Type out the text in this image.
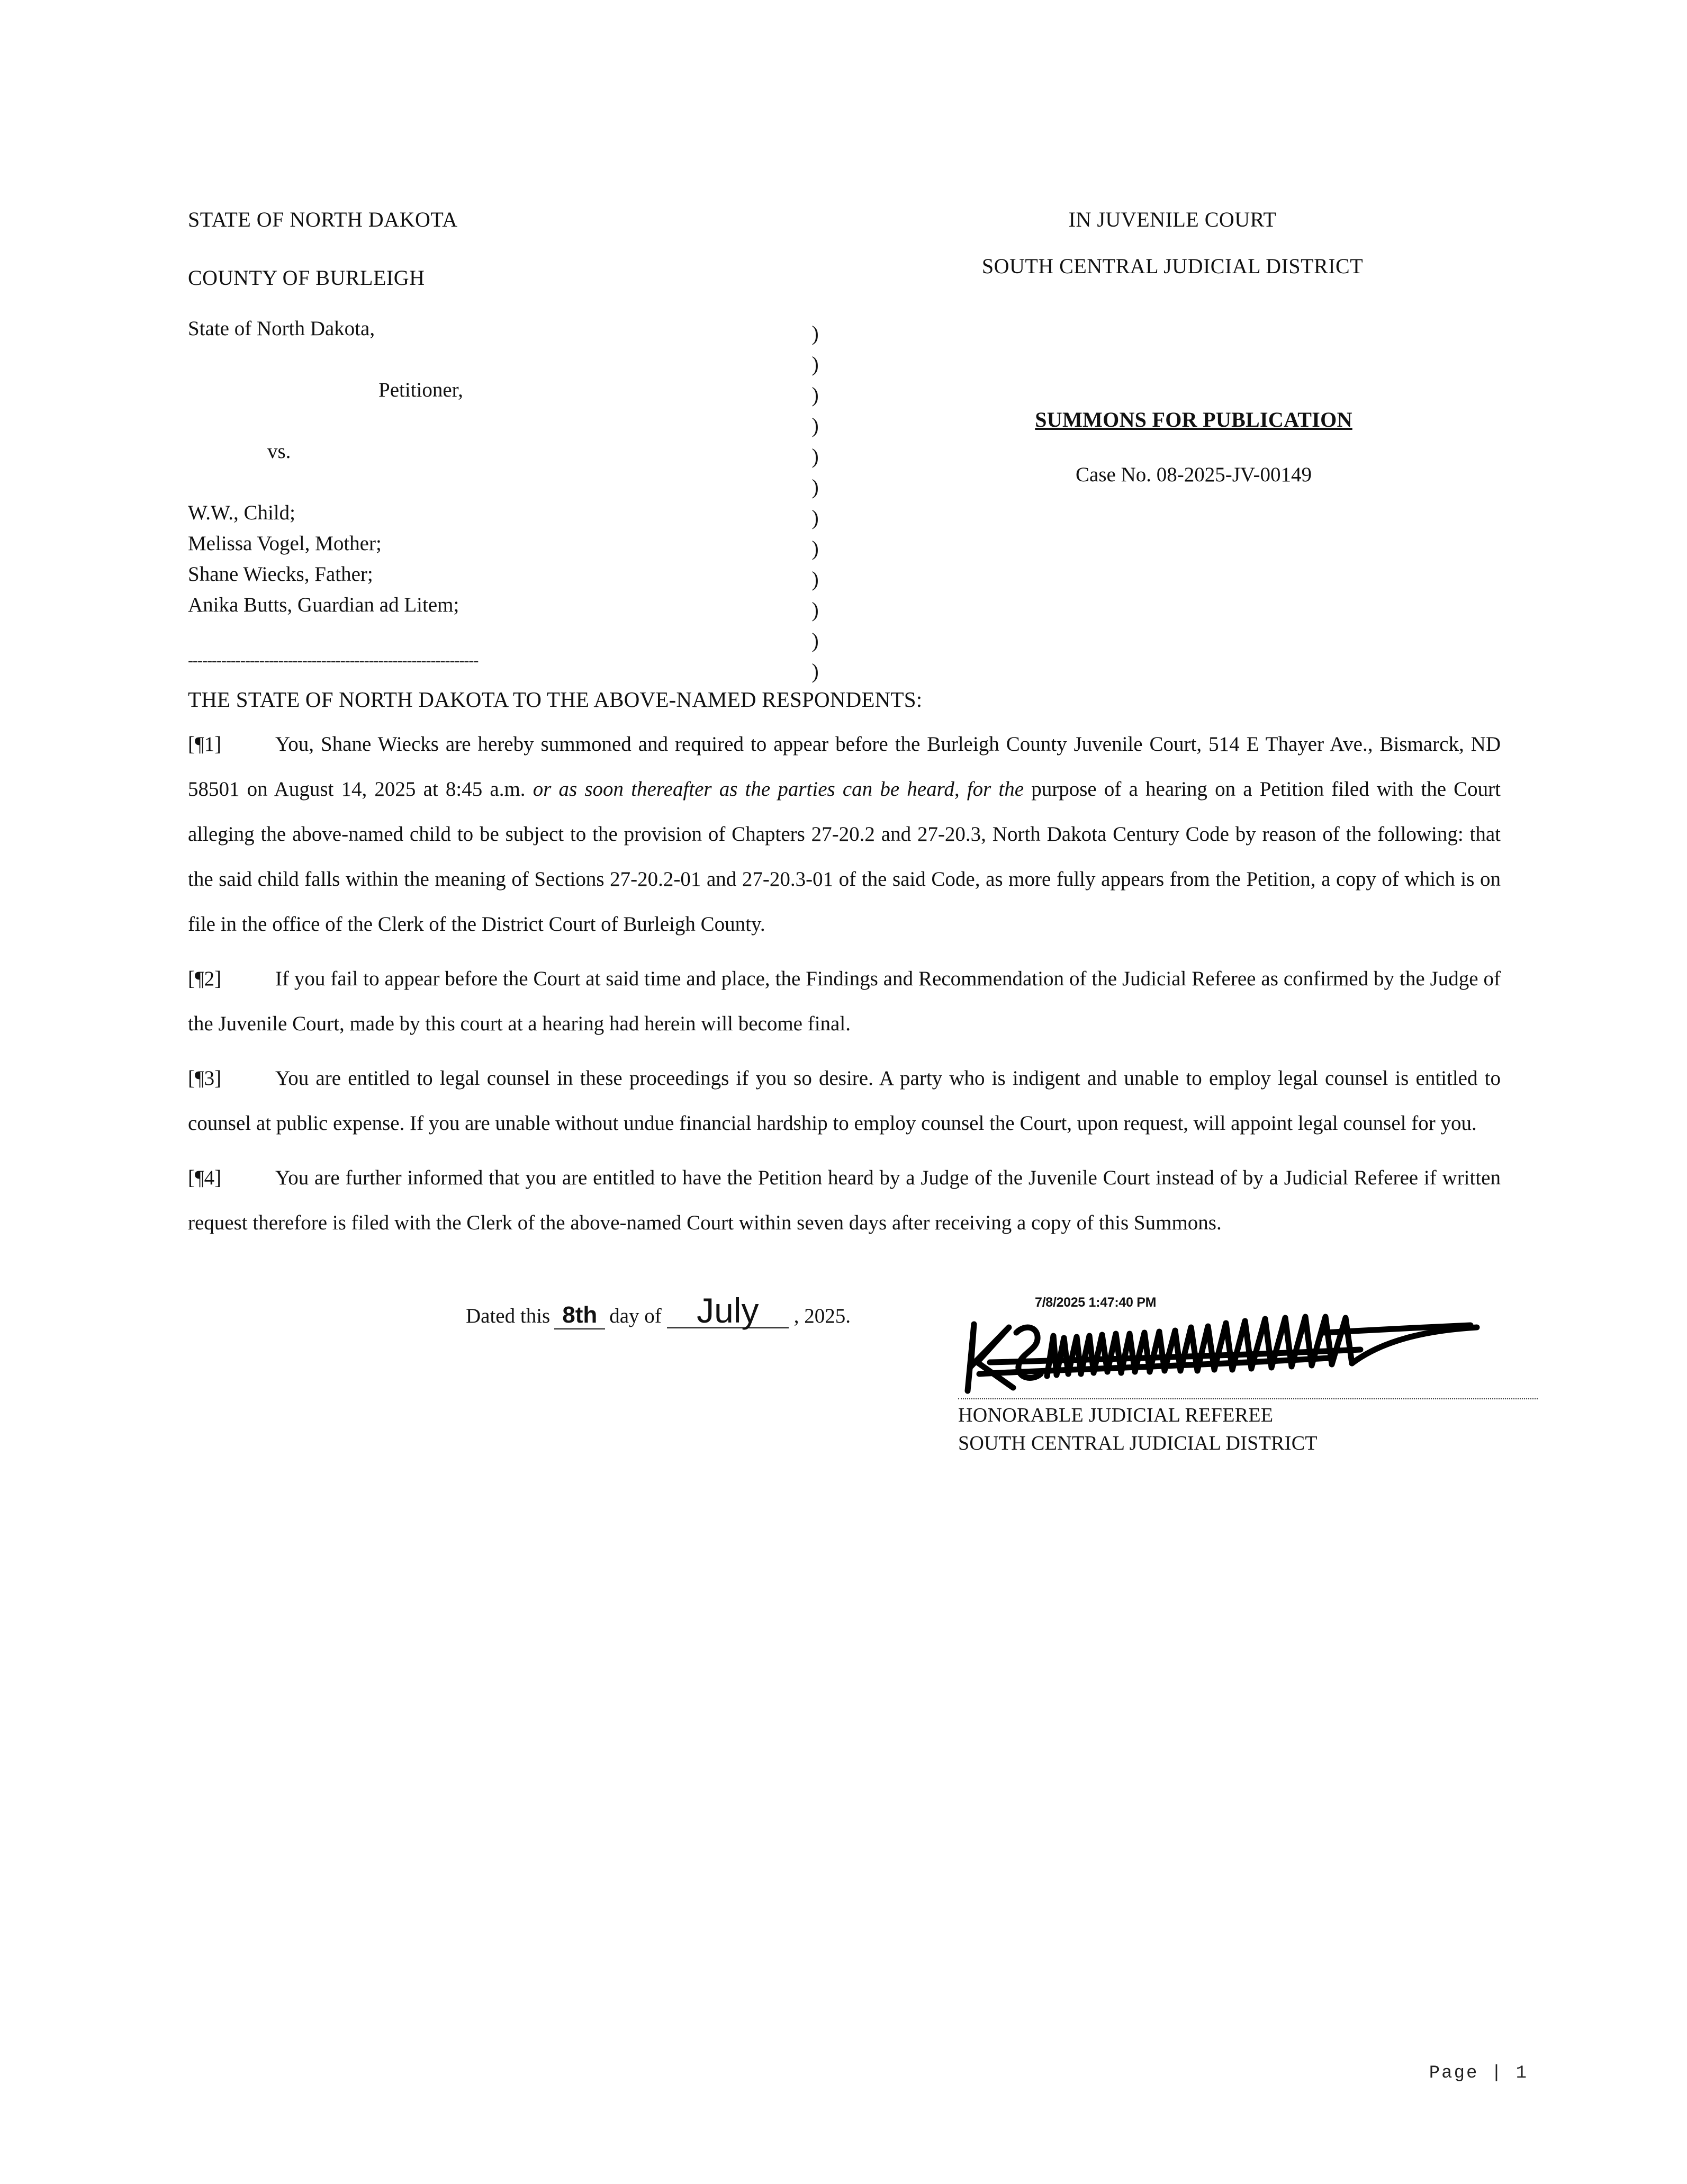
STATE OF NORTH DAKOTA
COUNTY OF BURLEIGH
IN JUVENILE COURT
SOUTH CENTRAL JUDICIAL DISTRICT
State of North Dakota,

Petitioner,

vs.

W.W., Child;
Melissa Vogel, Mother;
Shane Wiecks, Father;
Anika Butts, Guardian ad Litem;
)
)
)
)
)
)
)
)
)
)
)
)
SUMMONS FOR PUBLICATION
Case No. 08-2025-JV-00149
-------------------------------------------------------------
THE STATE OF NORTH DAKOTA TO THE ABOVE-NAMED RESPONDENTS:
[¶1]	You, Shane Wiecks are hereby summoned and required to appear before the Burleigh County Juvenile Court, 514 E Thayer Ave., Bismarck, ND 58501 on August 14, 2025 at 8:45 a.m. or as soon thereafter as the parties can be heard, for the purpose of a hearing on a Petition filed with the Court alleging the above-named child to be subject to the provision of Chapters 27-20.2 and 27-20.3, North Dakota Century Code by reason of the following: that the said child falls within the meaning of Sections 27-20.2-01 and 27-20.3-01 of the said Code, as more fully appears from the Petition, a copy of which is on file in the office of the Clerk of the District Court of Burleigh County.
[¶2]	If you fail to appear before the Court at said time and place, the Findings and Recommendation of the Judicial Referee as confirmed by the Judge of the Juvenile Court, made by this court at a hearing had herein will become final.
[¶3]	You are entitled to legal counsel in these proceedings if you so desire. A party who is indigent and unable to employ legal counsel is entitled to counsel at public expense. If you are unable without undue financial hardship to employ counsel the Court, upon request, will appoint legal counsel for you.
[¶4]	You are further informed that you are entitled to have the Petition heard by a Judge of the Juvenile Court instead of by a Judicial Referee if written request therefore is filed with the Clerk of the above-named Court within seven days after receiving a copy of this Summons.
Dated this 8th day of	July	, 2025.
7/8/2025 1:47:40 PM
HONORABLE JUDICIAL REFEREE
SOUTH CENTRAL JUDICIAL DISTRICT
Page | 1
